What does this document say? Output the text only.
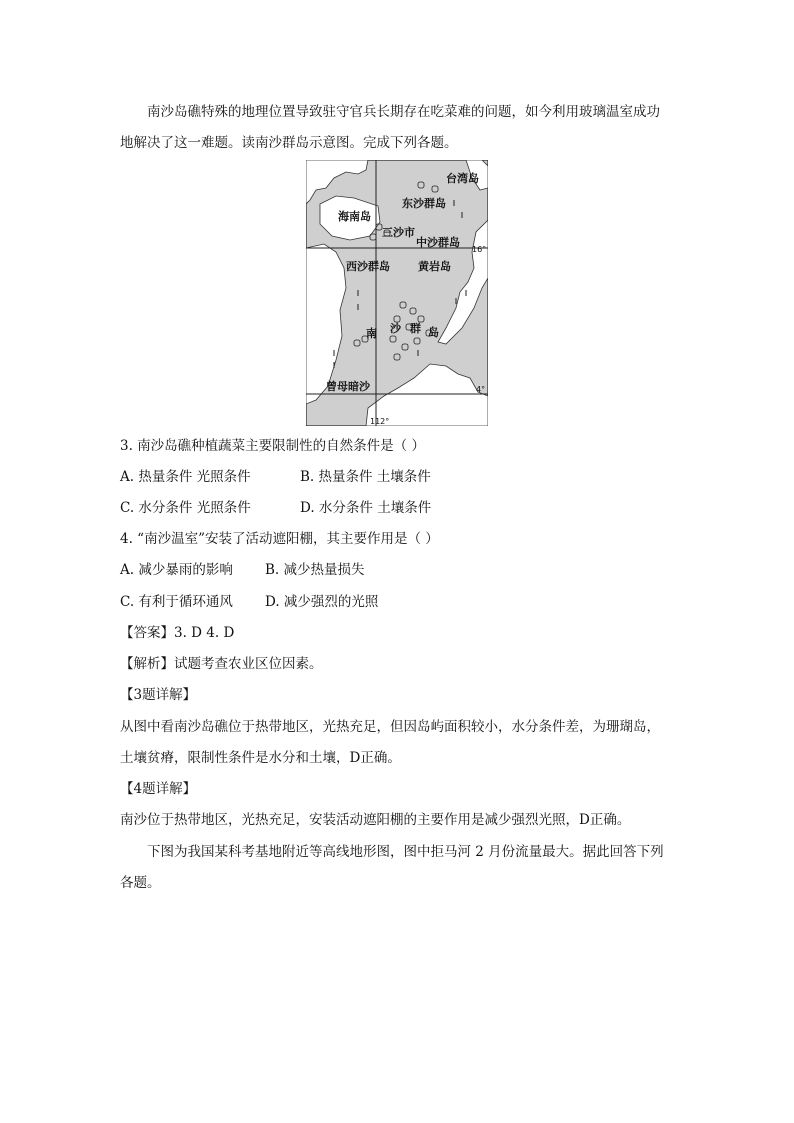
南沙岛礁特殊的地理位置导致驻守官兵长期存在吃菜难的问题，如今利用玻璃温室成功
地解决了这一难题。读南沙群岛示意图。完成下列各题。
台湾岛
东沙群岛
海南岛
三沙市
中沙群岛
西沙群岛	黄岩岛
南 沙 群 岛
曾母暗沙
16°
4°
112°
3. 南沙岛礁种植蔬菜主要限制性的自然条件是（ ）
A. 热量条件 光照条件	B. 热量条件 土壤条件
C. 水分条件 光照条件	D. 水分条件 土壤条件
4. “南沙温室”安装了活动遮阳棚，其主要作用是（ ）
A. 减少暴雨的影响 B. 减少热量损失
C. 有利于循环通风 D. 减少强烈的光照
【答案】3. D 4. D
【解析】试题考查农业区位因素。
【3题详解】
从图中看南沙岛礁位于热带地区，光热充足，但因岛屿面积较小，水分条件差，为珊瑚岛，
土壤贫瘠，限制性条件是水分和土壤，D正确。
【4题详解】
南沙位于热带地区，光热充足，安装活动遮阳棚的主要作用是减少强烈光照，D正确。
下图为我国某科考基地附近等高线地形图，图中拒马河 2 月份流量最大。据此回答下列
各题。
